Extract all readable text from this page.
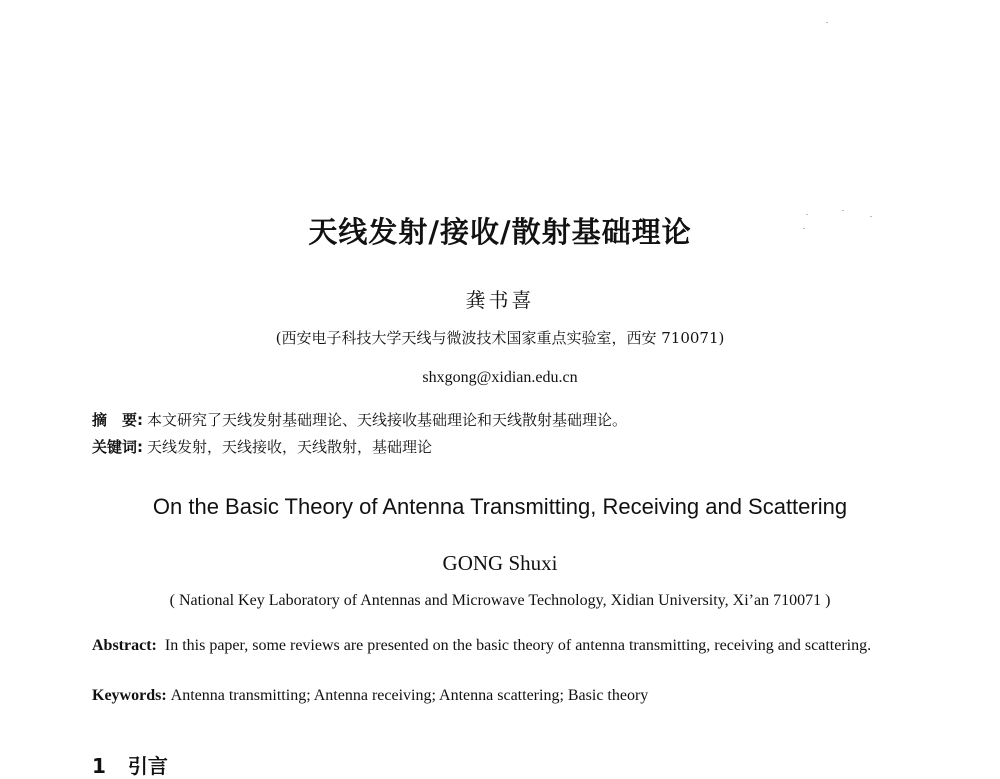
天线发射/接收/散射基础理论
龚书喜
(西安电子科技大学天线与微波技术国家重点实验室，西安 710071)
shxgong@xidian.edu.cn
摘　要: 本文研究了天线发射基础理论、天线接收基础理论和天线散射基础理论。
关键词: 天线发射，天线接收，天线散射，基础理论
On the Basic Theory of Antenna Transmitting, Receiving and Scattering
GONG Shuxi
( National Key Laboratory of Antennas and Microwave Technology, Xidian University, Xi’an 710071 )
Abstract: In this paper, some reviews are presented on the basic theory of antenna transmitting, receiving and scattering.
Keywords: Antenna transmitting; Antenna receiving; Antenna scattering; Basic theory
1 引言
